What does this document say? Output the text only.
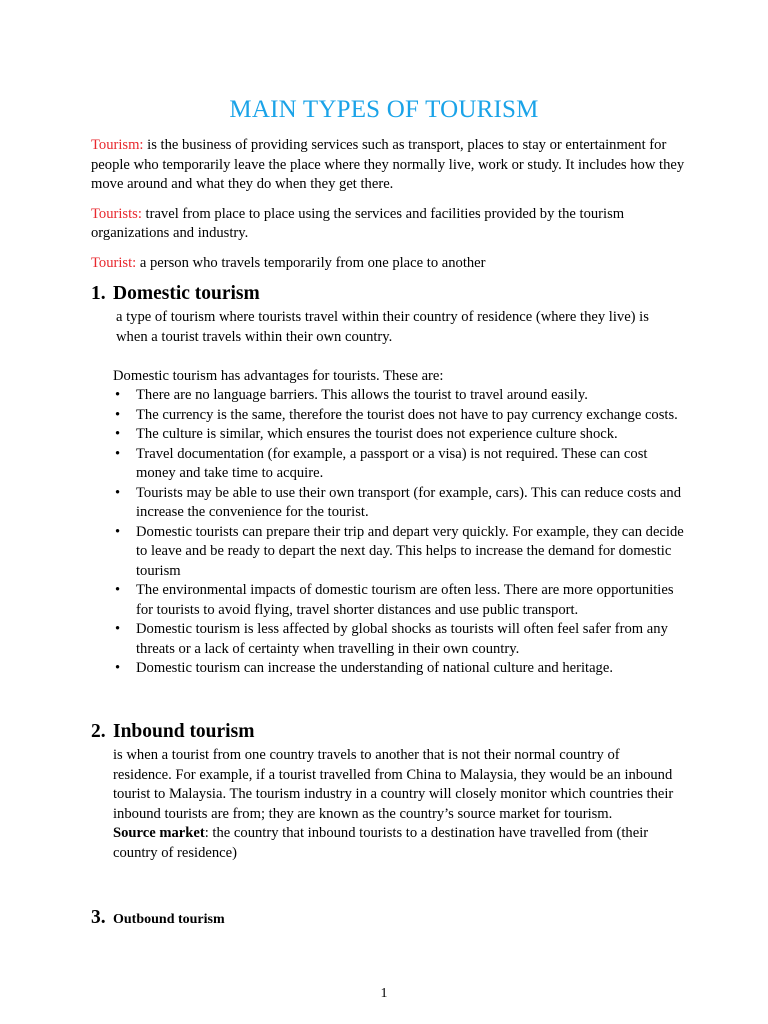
MAIN TYPES OF TOURISM

Tourism: is the business of providing services such as transport, places to stay or entertainment for people who temporarily leave the place where they normally live, work or study. It includes how they move around and what they do when they get there.

Tourists: travel from place to place using the services and facilities provided by the tourism organizations and industry.

Tourist: a person who travels temporarily from one place to another

1. Domestic tourism
a type of tourism where tourists travel within their country of residence (where they live) is when a tourist travels within their own country.
Domestic tourism has advantages for tourists. These are:
• There are no language barriers. This allows the tourist to travel around easily.
• The currency is the same, therefore the tourist does not have to pay currency exchange costs.
• The culture is similar, which ensures the tourist does not experience culture shock.
• Travel documentation (for example, a passport or a visa) is not required. These can cost money and take time to acquire.
• Tourists may be able to use their own transport (for example, cars). This can reduce costs and increase the convenience for the tourist.
• Domestic tourists can prepare their trip and depart very quickly. For example, they can decide to leave and be ready to depart the next day. This helps to increase the demand for domestic tourism
• The environmental impacts of domestic tourism are often less. There are more opportunities for tourists to avoid flying, travel shorter distances and use public transport.
• Domestic tourism is less affected by global shocks as tourists will often feel safer from any threats or a lack of certainty when travelling in their own country.
• Domestic tourism can increase the understanding of national culture and heritage.
2. Inbound tourism
is when a tourist from one country travels to another that is not their normal country of residence. For example, if a tourist travelled from China to Malaysia, they would be an inbound tourist to Malaysia. The tourism industry in a country will closely monitor which countries their inbound tourists are from; they are known as the country’s source market for tourism.
Source market: the country that inbound tourists to a destination have travelled from (their country of residence)
3. Outbound tourism
1
